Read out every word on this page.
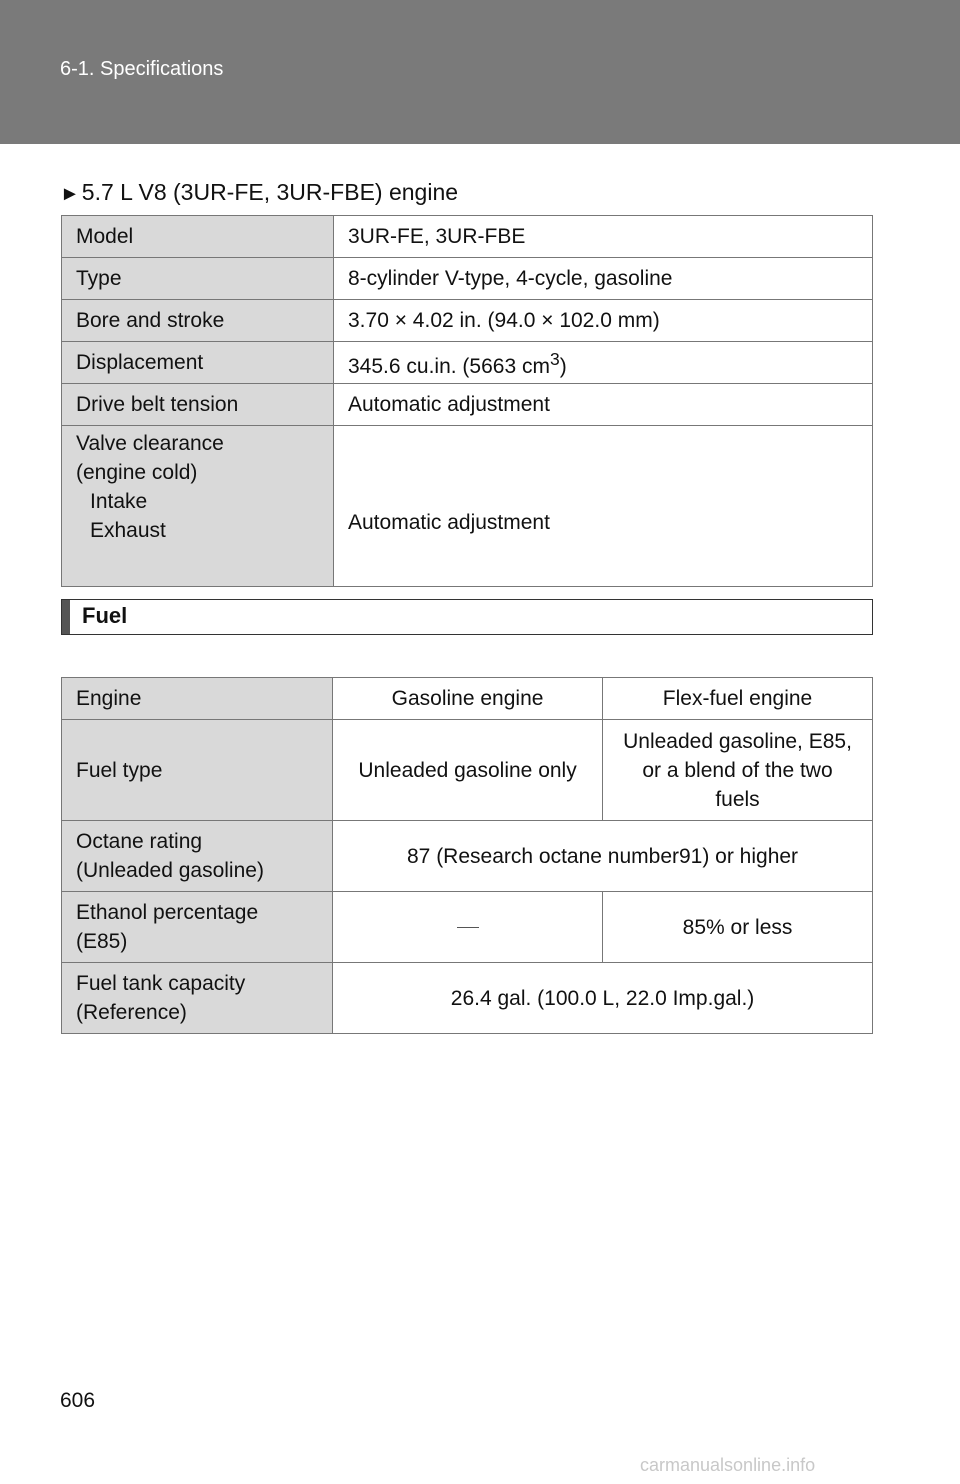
6-1. Specifications
►5.7 L V8 (3UR-FE, 3UR-FBE) engine
Model	3UR-FE, 3UR-FBE
Type	8-cylinder V-type, 4-cycle, gasoline
Bore and stroke	3.70 × 4.02 in. (94.0 × 102.0 mm)
Displacement	345.6 cu.in. (5663 $cm^3$)
Drive belt tension	Automatic adjustment

Valve clearance
(engine cold)
Intake
Exhaust	Automatic adjustment
Fuel
Engine	Gasoline engine	Flex-fuel engine
Fuel type	Unleaded gasoline only	Unleaded gasoline, E85,
or a blend of the two
fuels

Octane rating
(Unleaded gasoline)	87 (Research octane number91) or higher	

Ethanol percentage
(E85)		85% or less

Fuel tank capacity
(Reference)	26.4 gal. (100.0 L, 22.0 Imp.gal.)	
606
carmanualsonline.info
